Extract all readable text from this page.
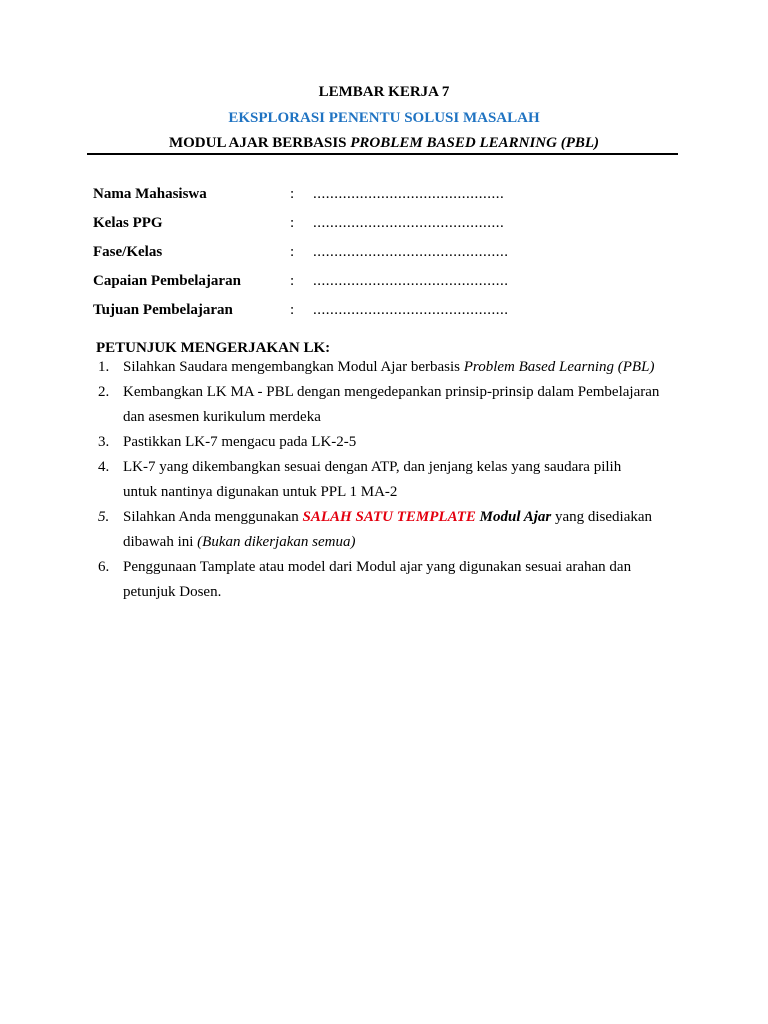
LEMBAR KERJA 7
EKSPLORASI PENENTU SOLUSI MASALAH
MODUL AJAR BERBASIS PROBLEM BASED LEARNING (PBL)
Nama Mahasiswa	: .............................................
Kelas PPG	: .............................................
Fase/Kelas	: ..............................................
Capaian Pembelajaran	: ..............................................
Tujuan Pembelajaran	: ..............................................
PETUNJUK MENGERJAKAN LK:
1. Silahkan Saudara mengembangkan Modul Ajar berbasis Problem Based Learning (PBL)
2. Kembangkan LK MA - PBL dengan mengedepankan prinsip-prinsip dalam Pembelajaran
dan asesmen kurikulum merdeka
3. Pastikkan LK-7 mengacu pada LK-2-5
4. LK-7 yang dikembangkan sesuai dengan ATP, dan jenjang kelas yang saudara pilih
untuk nantinya digunakan untuk PPL 1 MA-2
5. Silahkan Anda menggunakan SALAH SATU TEMPLATE Modul Ajar yang disediakan
dibawah ini (Bukan dikerjakan semua)
6. Penggunaan Tamplate atau model dari Modul ajar yang digunakan sesuai arahan dan
petunjuk Dosen.
